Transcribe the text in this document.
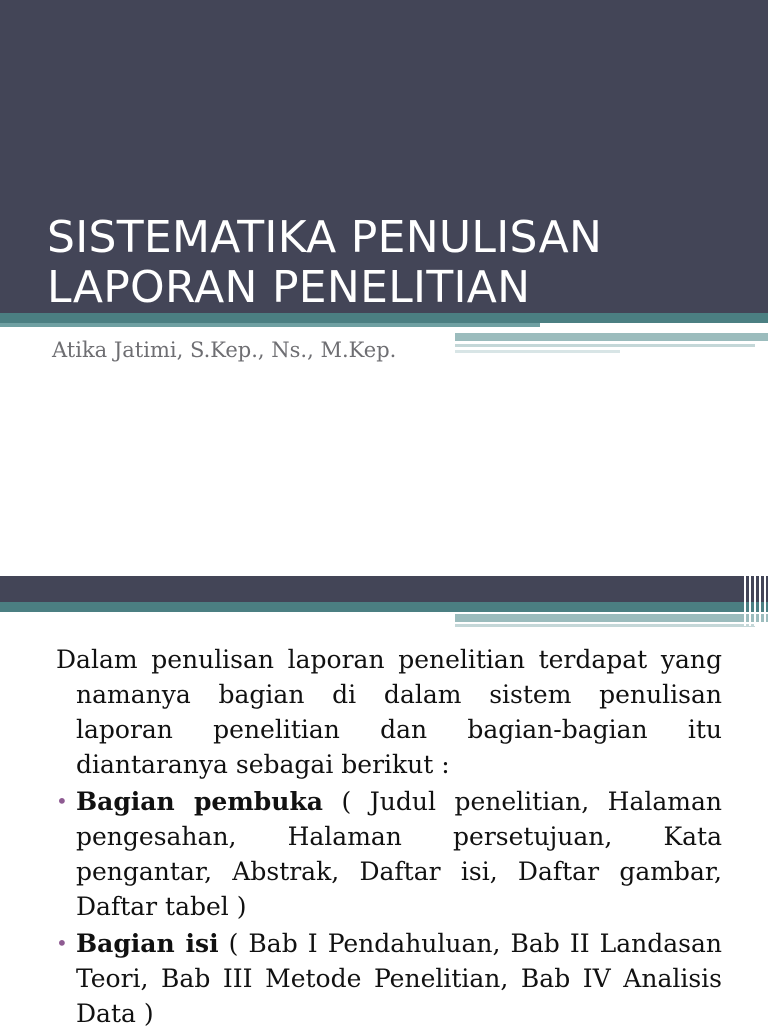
SISTEMATIKA PENULISAN LAPORAN PENELITIAN
Atika Jatimi, S.Kep., Ns., M.Kep.

Dalam penulisan laporan penelitian terdapat yang namanya bagian di dalam sistem penulisan laporan penelitian dan bagian-bagian itu diantaranya sebagai berikut :

• Bagian pembuka ( Judul penelitian, Halaman pengesahan, Halaman persetujuan, Kata pengantar, Abstrak, Daftar isi, Daftar gambar, Daftar tabel )
• Bagian isi ( Bab I Pendahuluan, Bab II Landasan Teori, Bab III Metode Penelitian, Bab IV Analisis Data )
